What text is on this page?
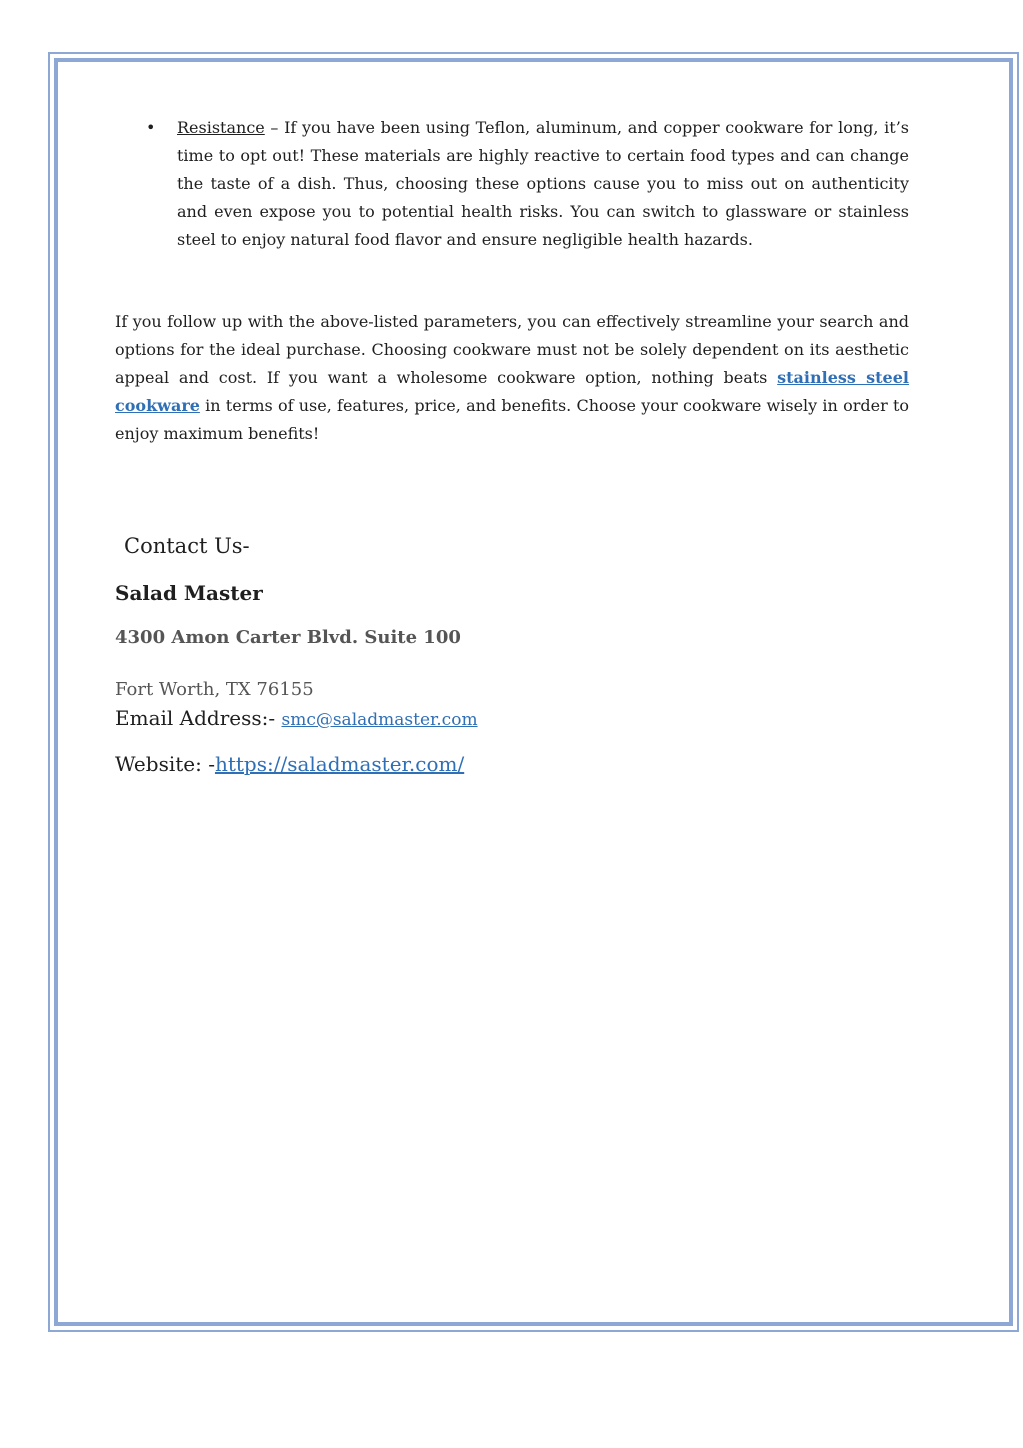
• Resistance – If you have been using Teflon, aluminum, and copper cookware for long, it’s time to opt out! These materials are highly reactive to certain food types and can change the taste of a dish. Thus, choosing these options cause you to miss out on authenticity and even expose you to potential health risks. You can switch to glassware or stainless steel to enjoy natural food flavor and ensure negligible health hazards.
If you follow up with the above-listed parameters, you can effectively streamline your search and options for the ideal purchase. Choosing cookware must not be solely dependent on its aesthetic appeal and cost. If you want a wholesome cookware option, nothing beats stainless steel cookware in terms of use, features, price, and benefits. Choose your cookware wisely in order to enjoy maximum benefits!
Contact Us-
Salad Master
4300 Amon Carter Blvd. Suite 100
Fort Worth, TX 76155
Email Address:- smc@saladmaster.com
Website: -https://saladmaster.com/
